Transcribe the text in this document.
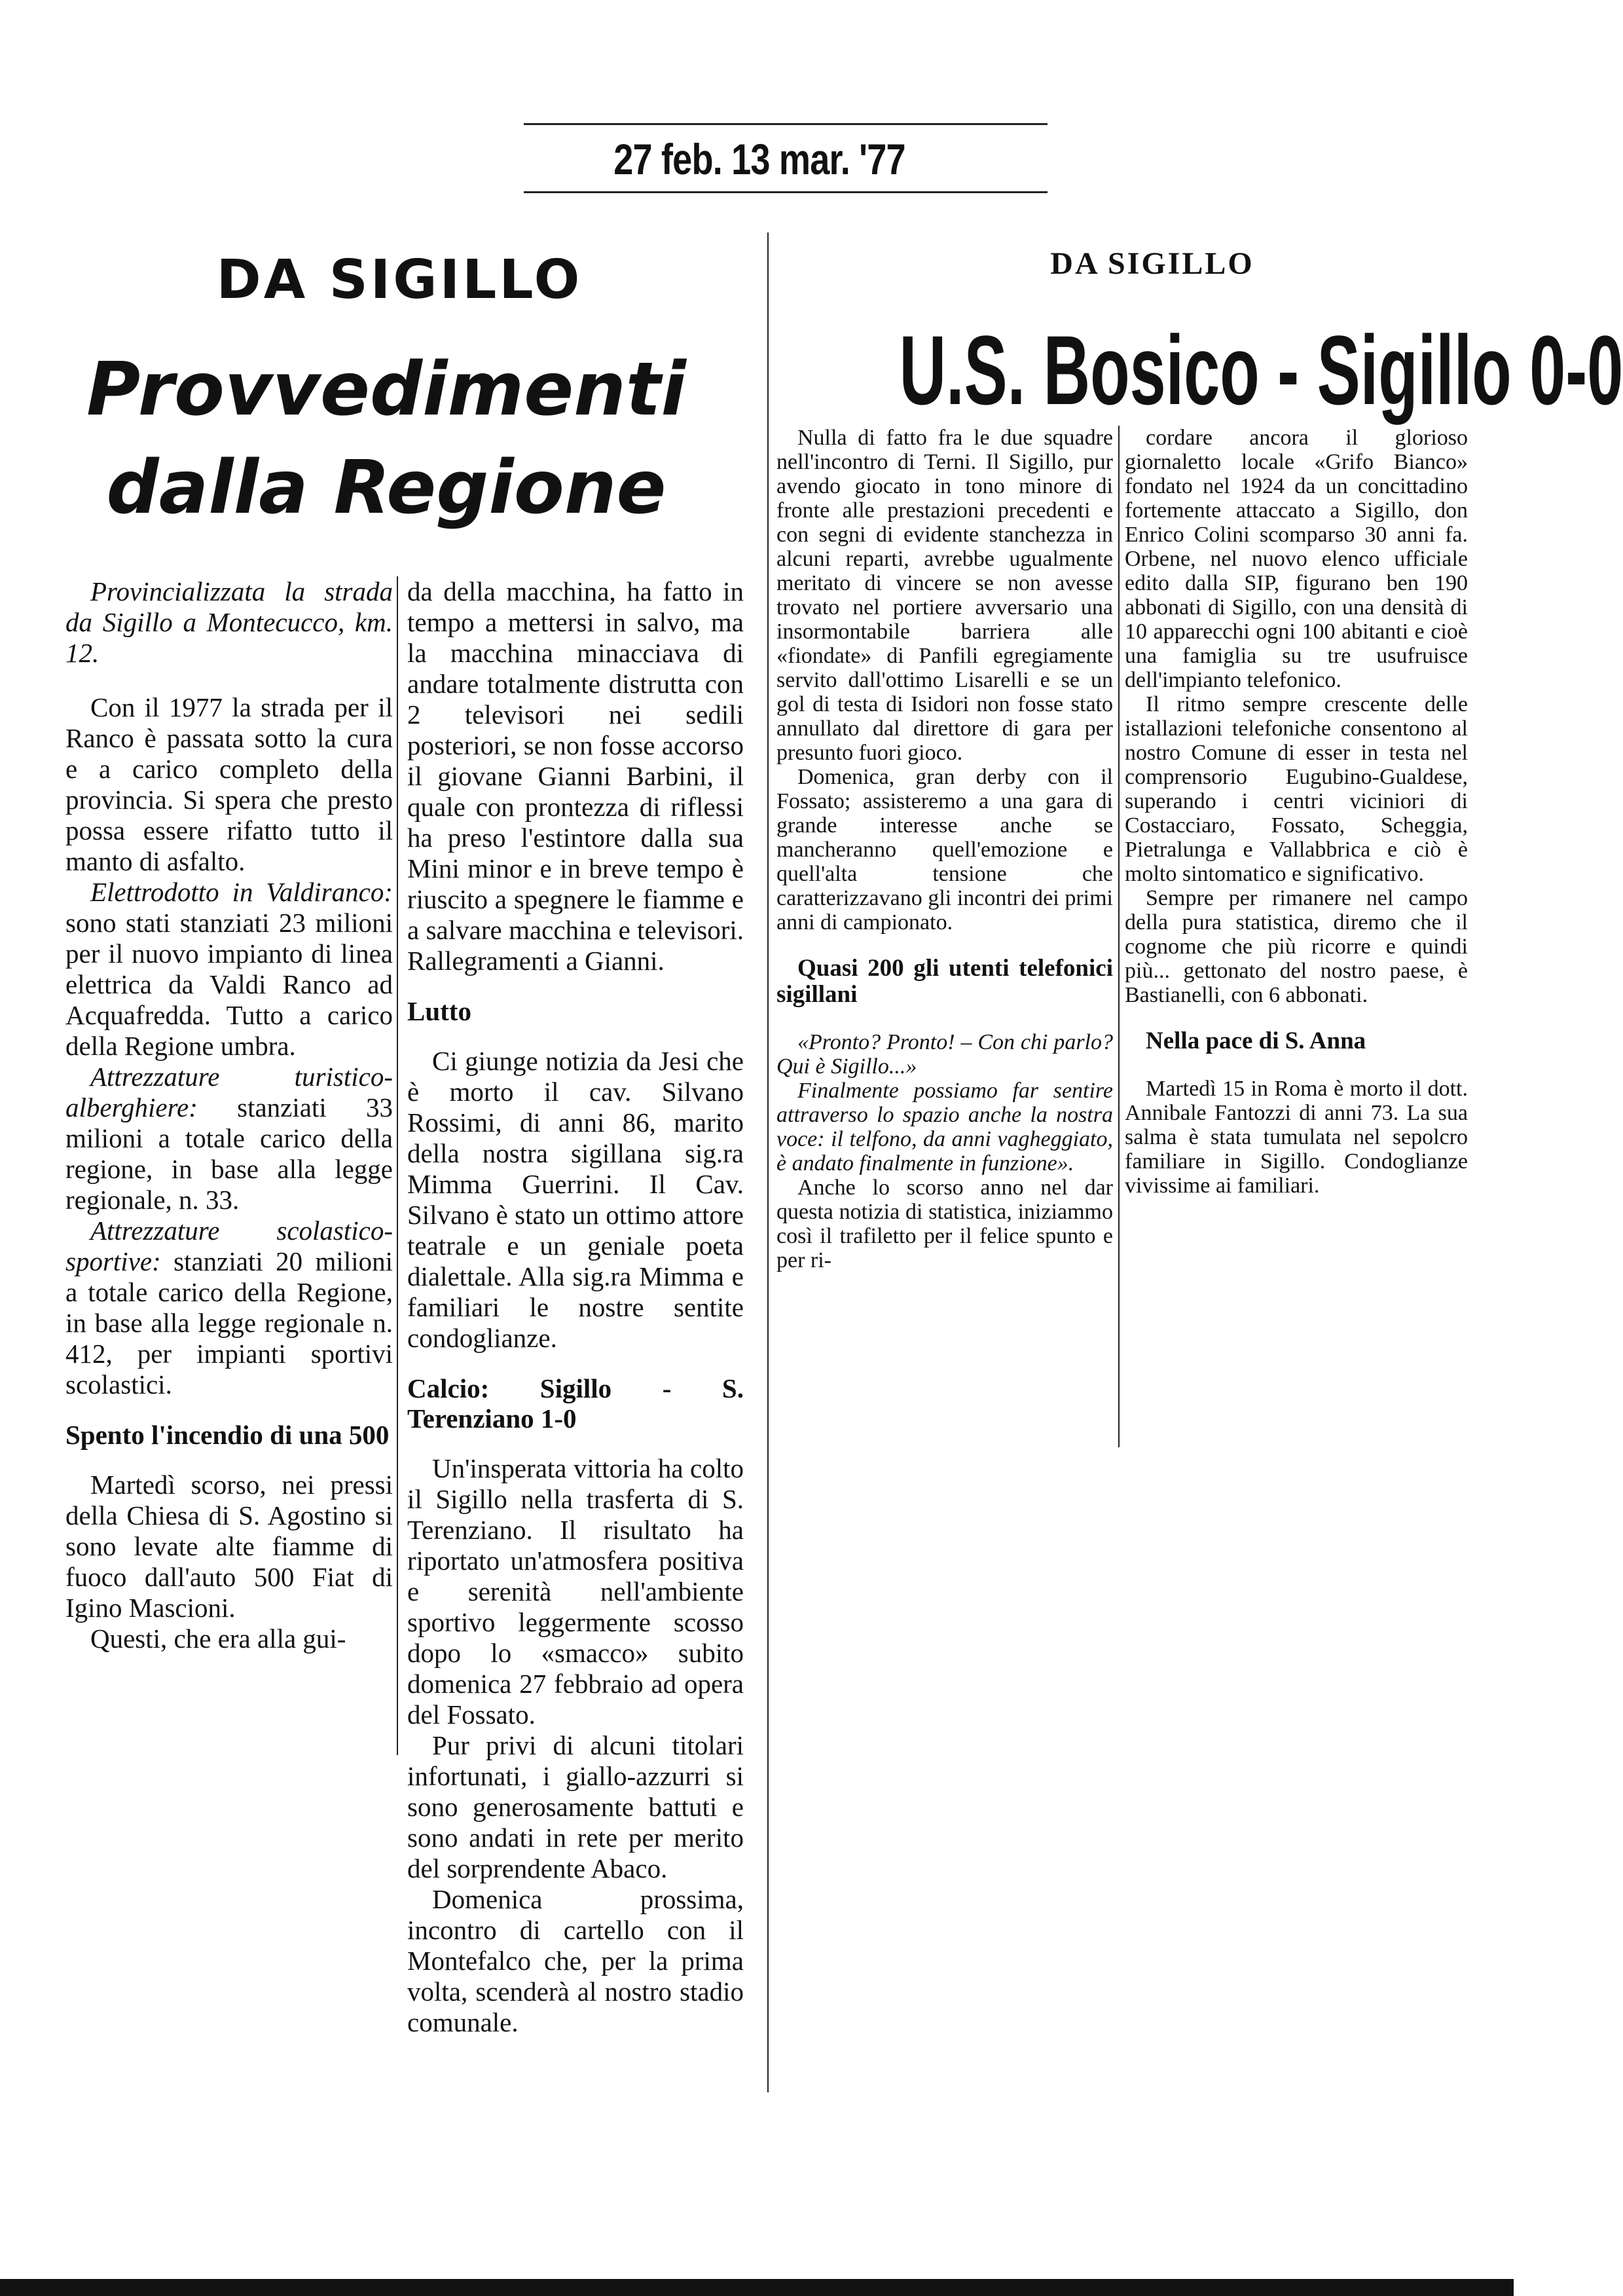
27 feb. 13 mar. '77
DA SIGILLO
Provvedimenti
dalla Regione

Provincializzata la strada da Sigillo a Montecucco, km. 12.

Con il 1977 la strada per il Ranco è passata sotto la cura e a carico completo della provincia. Si spera che presto possa essere rifatto tutto il manto di asfalto.

Elettrodotto in Valdiranco: sono stati stanziati 23 milioni per il nuovo impianto di linea elettrica da Valdi Ranco ad Acquafredda. Tutto a carico della Regione umbra.

Attrezzature turistico-alberghiere: stanziati 33 milioni a totale carico della regione, in base alla legge regionale, n. 33.

Attrezzature scolastico-sportive: stanziati 20 milioni a totale carico della Regione, in base alla legge regionale n. 412, per impianti sportivi scolastici.

Spento l'incendio di una 500

Martedì scorso, nei pressi della Chiesa di S. Agostino si sono levate alte fiamme di fuoco dall'auto 500 Fiat di Igino Mascioni.

Questi, che era alla gui-

da della macchina, ha fatto in tempo a mettersi in salvo, ma la macchina minacciava di andare totalmente distrutta con 2 televisori nei sedili posteriori, se non fosse accorso il giovane Gianni Barbini, il quale con prontezza di riflessi ha preso l'estintore dalla sua Mini minor e in breve tempo è riuscito a spegnere le fiamme e a salvare macchina e televisori. Rallegramenti a Gianni.

Lutto

Ci giunge notizia da Jesi che è morto il cav. Silvano Rossimi, di anni 86, marito della nostra sigillana sig.ra Mimma Guerrini. Il Cav. Silvano è stato un ottimo attore teatrale e un geniale poeta dialettale. Alla sig.ra Mimma e familiari le nostre sentite condoglianze.

Calcio: Sigillo - S. Terenziano 1-0

Un'insperata vittoria ha colto il Sigillo nella trasferta di S. Terenziano. Il risultato ha riportato un'atmosfera positiva e serenità nell'ambiente sportivo leggermente scosso dopo lo «smacco» subito domenica 27 febbraio ad opera del Fossato.

Pur privi di alcuni titolari infortunati, i giallo-azzurri si sono generosamente battuti e sono andati in rete per merito del sorprendente Abaco.

Domenica prossima, incontro di cartello con il Montefalco che, per la prima volta, scenderà al nostro stadio comunale.

DA SIGILLO
U.S. Bosico - Sigillo 0-0

Nulla di fatto fra le due squadre nell'incontro di Terni. Il Sigillo, pur avendo giocato in tono minore di fronte alle prestazioni precedenti e con segni di evidente stanchezza in alcuni reparti, avrebbe ugualmente meritato di vincere se non avesse trovato nel portiere avversario una insormontabile barriera alle «fiondate» di Panfili egregiamente servito dall'ottimo Lisarelli e se un gol di testa di Isidori non fosse stato annullato dal direttore di gara per presunto fuori gioco.

Domenica, gran derby con il Fossato; assisteremo a una gara di grande interesse anche se mancheranno quell'emozione e quell'alta tensione che caratterizzavano gli incontri dei primi anni di campionato.

Quasi 200 gli utenti telefonici sigillani

«Pronto? Pronto! – Con chi parlo? Qui è Sigillo...»

Finalmente possiamo far sentire attraverso lo spazio anche la nostra voce: il telfono, da anni vagheggiato, è andato finalmente in funzione».

Anche lo scorso anno nel dar questa notizia di statistica, iniziammo così il trafiletto per il felice spunto e per ri-

cordare ancora il glorioso giornaletto locale «Grifo Bianco» fondato nel 1924 da un concittadino fortemente attaccato a Sigillo, don Enrico Colini scomparso 30 anni fa. Orbene, nel nuovo elenco ufficiale edito dalla SIP, figurano ben 190 abbonati di Sigillo, con una densità di 10 apparecchi ogni 100 abitanti e cioè una famiglia su tre usufruisce dell'impianto telefonico.

Il ritmo sempre crescente delle istallazioni telefoniche consentono al nostro Comune di esser in testa nel comprensorio Eugubino-Gualdese, superando i centri viciniori di Costacciaro, Fossato, Scheggia, Pietralunga e Vallabbrica e ciò è molto sintomatico e significativo.

Sempre per rimanere nel campo della pura statistica, diremo che il cognome che più ricorre e quindi più... gettonato del nostro paese, è Bastianelli, con 6 abbonati.

Nella pace di S. Anna

Martedì 15 in Roma è morto il dott. Annibale Fantozzi di anni 73. La sua salma è stata tumulata nel sepolcro familiare in Sigillo. Condoglianze vivissime ai familiari.
